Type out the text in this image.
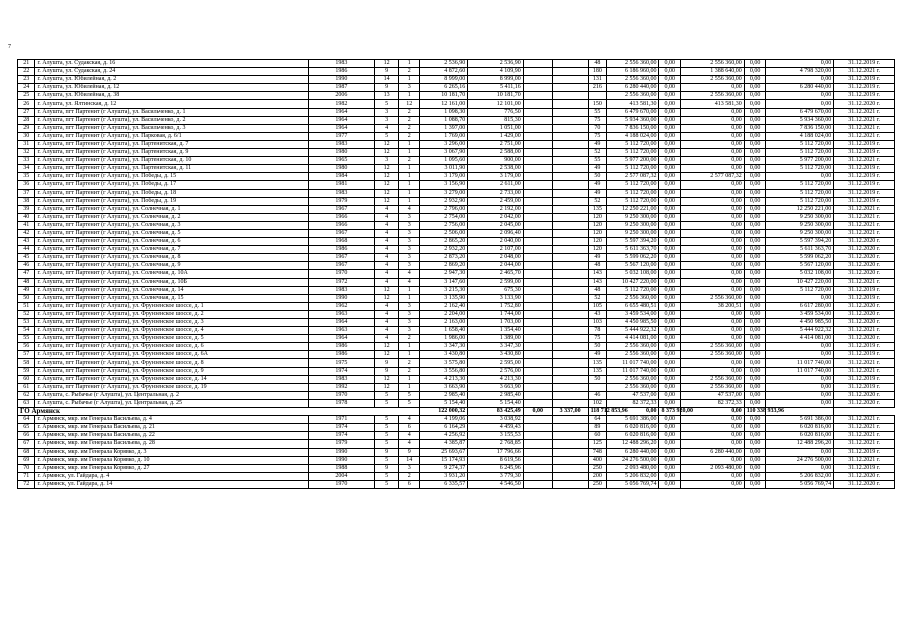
7
21	г. Алушта, ул. Судакская, д. 16	1983	12	1	2 536,90	2 536,90			48	2 556 360,00	0,00	2 556 360,00	0,00	0,00	31.12.2019 г.
22	г. Алушта, ул. Судакская, д. 24	1986	9	2	4 872,60	4 109,90			180	6 186 960,00	0,00	1 388 640,00	0,00	4 798 320,00	31.12.2021 г.
23	г. Алушта, ул. Юбилейная, д. 2	1990	14	1	8 999,00	8 999,00			131	2 556 360,00	0,00	2 556 360,00	0,00	0,00	31.12.2019 г.
24	г. Алушта, ул. Юбилейная, д. 12	1987	9	3	6 265,16	5 411,16			216	6 280 440,00	0,00	0,00	0,00	6 280 440,00	31.12.2019 г.
25	г. Алушта, ул. Юбилейная, д. 38	2006	13	1	10 181,70	10 181,70				2 556 360,00	0,00	2 556 360,00	0,00	0,00	31.12.2019 г.
26	г. Алушта, ул. Ялтинская, д. 12	1982	5	12	12 161,00	12 101,00			150	413 581,30	0,00	413 581,30	0,00	0,00	31.12.2020 г.
27	г. Алушта, пгт Партенит (г Алушта), ул. Васильченко, д. 1	1964	3	2	1 098,30	776,50			55	6 479 670,00	0,00	0,00	0,00	6 479 670,00	31.12.2021 г.
28	г. Алушта, пгт Партенит (г Алушта), ул. Васильченко, д. 2	1964	3	2	1 088,70	815,30			75	5 934 360,00	0,00	0,00	0,00	5 934 360,00	31.12.2021 г.
29	г. Алушта, пгт Партенит (г Алушта), ул. Васильченко, д. 3	1964	4	2	1 397,00	1 051,00			70	7 836 150,00	0,00	0,00	0,00	7 836 150,00	31.12.2021 г.
30	г. Алушта, пгт Партенит (г Алушта), ул. Парковая, д. 6/1	1977	5	2	1 769,00	1 429,00			75	4 188 024,00	0,00	0,00	0,00	4 188 024,00	31.12.2021 г.
31	г. Алушта, пгт Партенит (г Алушта), ул. Партенитская, д. 7	1983	12	1	3 296,00	2 751,00			49	5 112 720,00	0,00	0,00	0,00	5 112 720,00	31.12.2019 г.
32	г. Алушта, пгт Партенит (г Алушта), ул. Партенитская, д. 9	1980	12	1	3 067,90	2 588,00			52	5 112 720,00	0,00	0,00	0,00	5 112 720,00	31.12.2019 г.
33	г. Алушта, пгт Партенит (г Алушта), ул. Партенитская, д. 10	1965	3	2	1 095,60	900,00			55	5 977 200,00	0,00	0,00	0,00	5 977 200,00	31.12.2021 г.
34	г. Алушта, пгт Партенит (г Алушта), ул. Партенитская, д. 11	1980	12	1	3 011,90	2 538,00			49	5 112 720,00	0,00	0,00	0,00	5 112 720,00	31.12.2019 г.
35	г. Алушта, пгт Партенит (г Алушта), ул. Победы, д. 15	1984	12	1	3 179,00	3 179,00			50	2 577 087,32	0,00	2 577 087,32	0,00	0,00	31.12.2019 г.
36	г. Алушта, пгт Партенит (г Алушта), ул. Победы, д. 17	1981	12	1	3 156,90	2 611,00			49	5 112 720,00	0,00	0,00	0,00	5 112 720,00	31.12.2019 г.
37	г. Алушта, пгт Партенит (г Алушта), ул. Победы, д. 18	1983	12	1	3 279,00	2 733,00			49	5 112 720,00	0,00	0,00	0,00	5 112 720,00	31.12.2019 г.
38	г. Алушта, пгт Партенит (г Алушта), ул. Победы, д. 19	1979	12	1	2 932,90	2 459,00			52	5 112 720,00	0,00	0,00	0,00	5 112 720,00	31.12.2019 г.
39	г. Алушта, пгт Партенит (г Алушта), ул. Солнечная, д. 1	1967	4	4	2 796,00	2 192,00			135	12 250 221,00	0,00	0,00	0,00	12 250 221,00	31.12.2021 г.
40	г. Алушта, пгт Партенит (г Алушта), ул. Солнечная, д. 2	1966	4	3	2 754,00	2 042,00			120	9 250 300,00	0,00	0,00	0,00	9 250 300,00	31.12.2021 г.
41	г. Алушта, пгт Партенит (г Алушта), ул. Солнечная, д. 3	1966	4	3	2 756,00	2 045,00			120	9 250 300,00	0,00	0,00	0,00	9 250 300,00	31.12.2021 г.
42	г. Алушта, пгт Партенит (г Алушта), ул. Солнечная, д. 5	1967	4	3	2 506,00	2 096,40			120	9 250 300,00	0,00	0,00	0,00	9 250 300,00	31.12.2021 г.
43	г. Алушта, пгт Партенит (г Алушта), ул. Солнечная, д. 6	1968	4	3	2 865,20	2 040,00			120	5 597 394,20	0,00	0,00	0,00	5 597 394,20	31.12.2020 г.
44	г. Алушта, пгт Партенит (г Алушта), ул. Солнечная, д. 7	1986	4	3	2 932,20	2 107,00			120	5 611 363,70	0,00	0,00	0,00	5 611 363,70	31.12.2020 г.
45	г. Алушта, пгт Партенит (г Алушта), ул. Солнечная, д. 8	1967	4	3	2 873,20	2 048,00			49	5 599 062,20	0,00	0,00	0,00	5 599 062,20	31.12.2020 г.
46	г. Алушта, пгт Партенит (г Алушта), ул. Солнечная, д. 9	1967	4	3	2 869,20	2 044,00			48	5 567 120,00	0,00	0,00	0,00	5 567 120,00	31.12.2020 г.
47	г. Алушта, пгт Партенит (г Алушта), ул. Солнечная, д. 10А	1970	4	4	2 947,30	2 465,70			143	5 032 108,00	0,00	0,00	0,00	5 032 108,00	31.12.2020 г.
48	г. Алушта, пгт Партенит (г Алушта), ул. Солнечная, д. 10Б	1972	4	4	3 147,60	2 599,00			143	10 427 220,00	0,00	0,00	0,00	10 427 220,00	31.12.2021 г.
49	г. Алушта, пгт Партенит (г Алушта), ул. Солнечная, д. 14	1983	12	1	3 215,30	675,30			48	5 112 720,00	0,00	0,00	0,00	5 112 720,00	31.12.2019 г.
50	г. Алушта, пгт Партенит (г Алушта), ул. Солнечная, д. 15	1990	12	1	3 135,90	3 133,90			52	2 556 360,00	0,00	2 556 360,00	0,00	0,00	31.12.2019 г.
51	г. Алушта, пгт Партенит (г Алушта), ул. Фрунзенское шоссе, д. 1	1962	4	3	2 162,40	1 752,80			105	6 655 480,51	0,00	38 200,51	0,00	6 617 280,00	31.12.2020 г.
52	г. Алушта, пгт Партенит (г Алушта), ул. Фрунзенское шоссе, д. 2	1963	4	3	2 204,00	1 744,00			43	3 459 534,00	0,00	0,00	0,00	3 459 534,00	31.12.2020 г.
53	г. Алушта, пгт Партенит (г Алушта), ул. Фрунзенское шоссе, д. 3	1964	4	3	2 163,00	1 703,00			103	4 450 985,50	0,00	0,00	0,00	4 450 985,50	31.12.2020 г.
54	г. Алушта, пгт Партенит (г Алушта), ул. Фрунзенское шоссе, д. 4	1963	4	3	1 658,40	1 354,40			78	5 444 922,32	0,00	0,00	0,00	5 444 922,32	31.12.2021 г.
55	г. Алушта, пгт Партенит (г Алушта), ул. Фрунзенское шоссе, д. 5	1964	4	2	1 986,00	1 389,00			75	4 414 081,00	0,00	0,00	0,00	4 414 081,00	31.12.2020 г.
56	г. Алушта, пгт Партенит (г Алушта), ул. Фрунзенское шоссе, д. 6	1986	12	1	3 347,30	3 347,30			50	2 556 360,00	0,00	2 556 360,00	0,00	0,00	31.12.2019 г.
57	г. Алушта, пгт Партенит (г Алушта), ул. Фрунзенское шоссе, д. 6А	1986	12	1	3 430,80	3 430,80			49	2 556 360,00	0,00	2 556 360,00	0,00	0,00	31.12.2019 г.
58	г. Алушта, пгт Партенит (г Алушта), ул. Фрунзенское шоссе, д. 8	1975	9	2	3 575,80	2 595,00			135	11 017 740,00	0,00	0,00	0,00	11 017 740,00	31.12.2021 г.
59	г. Алушта, пгт Партенит (г Алушта), ул. Фрунзенское шоссе, д. 9	1974	9	2	3 556,80	2 576,00			135	11 017 740,00	0,00	0,00	0,00	11 017 740,00	31.12.2021 г.
60	г. Алушта, пгт Партенит (г Алушта), ул. Фрунзенское шоссе, д. 14	1983	12	1	4 213,30	4 213,30			50	2 556 360,00	0,00	2 556 360,00	0,00	0,00	31.12.2019 г.
61	г. Алушта, пгт Партенит (г Алушта), ул. Фрунзенское шоссе, д. 19	1992	12	1	3 663,90	3 663,90				2 556 360,00	0,00	2 556 360,00	0,00	0,00	31.12.2019 г.
62	г. Алушта, с. Рыбачье (г Алушта), ул. Центральная, д. 2	1970	5	5	2 985,40	2 985,40			46	47 537,00	0,00	47 537,00	0,00	0,00	31.12.2020 г.
63	г. Алушта, с. Рыбачье (г Алушта), ул. Центральная, д. 25	1978	5	5	5 154,40	5 154,40			102	82 372,33	0,00	82 372,33	0,00	0,00	31.12.2020 г.
ГО Армянск					122 000,32	83 425,49	0,00	3 337,00	118 712 853,96	0,00	8 373 920,00	0,00	110 338 933,96		
64	г. Армянск, мкр. им Генерала Васильева, д. 4	1971	5	4	4 199,06	3 038,92			64	5 691 386,00	0,00	0,00	0,00	5 691 386,00	31.12.2021 г.
65	г. Армянск, мкр. им Генерала Васильева, д. 21	1974	5	6	6 164,29	4 459,43			89	6 020 816,00	0,00	0,00	0,00	6 020 816,00	31.12.2021 г.
66	г. Армянск, мкр. им Генерала Васильева, д. 22	1974	5	4	4 256,92	3 155,53			60	6 020 816,00	0,00	0,00	0,00	6 020 816,00	31.12.2021 г.
67	г. Армянск, мкр. им Генерала Васильева, д. 28	1979	5	4	4 385,87	2 768,85			125	12 488 296,20	0,00	0,00	0,00	12 488 296,20	31.12.2021 г.
68	г. Армянск, мкр. им Генерала Корявко, д. 3	1990	9	9	25 693,67	17 796,66			748	6 280 440,00	0,00	6 280 440,00	0,00	0,00	31.12.2019 г.
69	г. Армянск, мкр. им Генерала Корявко, д. 10	1990	5	14	15 174,93	8 619,56			400	24 276 500,00	0,00	0,00	0,00	24 276 500,00	31.12.2021 г.
70	г. Армянск, мкр. им Генерала Корявко, д. 27	1988	9	3	9 274,37	6 245,96			250	2 093 480,00	0,00	2 093 480,00	0,00	0,00	31.12.2019 г.
71	г. Армянск, ул. Гайдара, д. 4	2004	5	2	3 931,20	3 779,30			200	5 206 832,00	0,00	0,00	0,00	5 206 832,00	31.12.2020 г.
72	г. Армянск, ул. Гайдара, д. 14	1970	5	6	6 335,57	4 546,50			250	5 056 769,74	0,00	0,00	0,00	5 056 769,74	31.12.2020 г.
